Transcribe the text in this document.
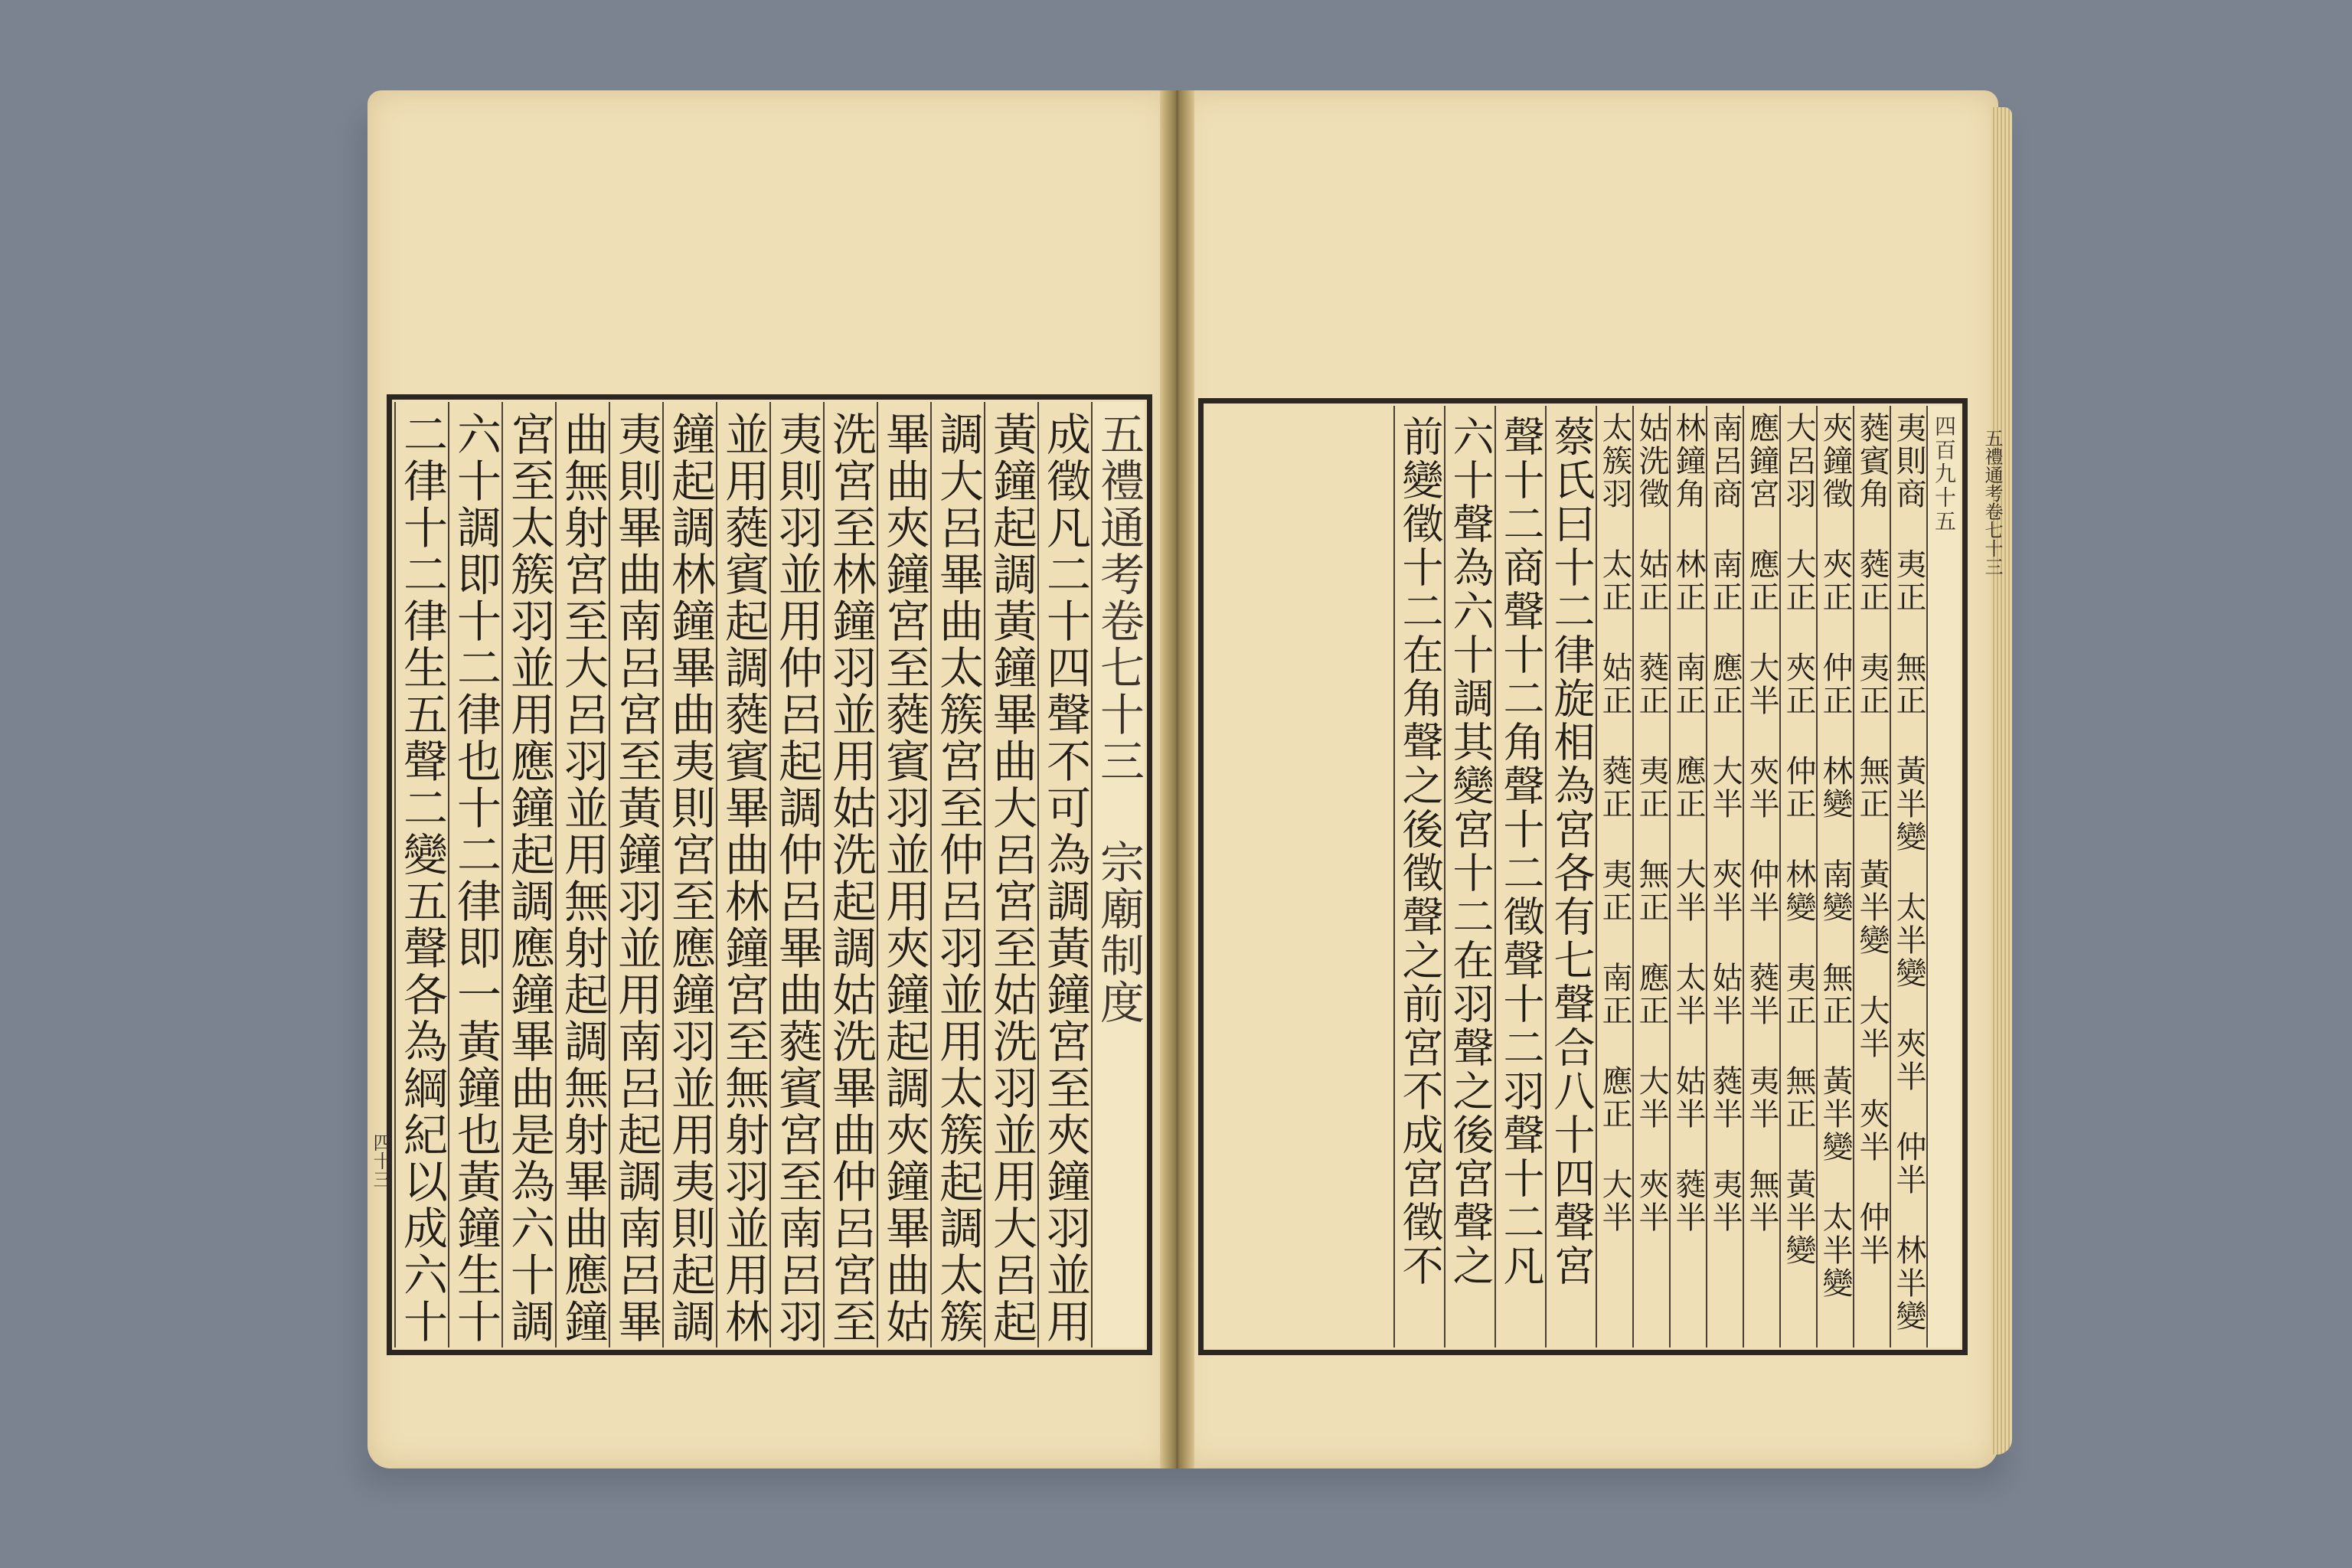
五禮通考卷七十三 宗廟制度
成徵凡二十四聲不可為調黃鐘宮至夾鐘羽並用
黃鐘起調黃鐘畢曲大呂宮至姑洗羽並用大呂起
調大呂畢曲太簇宮至仲呂羽並用太簇起調太簇
畢曲夾鐘宮至蕤賓羽並用夾鐘起調夾鐘畢曲姑
洗宮至林鐘羽並用姑洗起調姑洗畢曲仲呂宮至
夷則羽並用仲呂起調仲呂畢曲蕤賓宮至南呂羽
並用蕤賓起調蕤賓畢曲林鐘宮至無射羽並用林
鐘起調林鐘畢曲夷則宮至應鐘羽並用夷則起調
夷則畢曲南呂宮至黃鐘羽並用南呂起調南呂畢
曲無射宮至大呂羽並用無射起調無射畢曲應鐘
宮至太簇羽並用應鐘起調應鐘畢曲是為六十調
六十調即十二律也十二律即一黃鐘也黃鐘生十
二律十二律生五聲二變五聲各為綱紀以成六十	四百九十五
夷則商 夷正 無正 黃半變 太半變 夾半 仲半 林半變
蕤賓角 蕤正 夷正 無正 黃半變 大半 夾半 仲半
夾鐘徵 夾正 仲正 林變 南變 無正 黃半變 太半變
大呂羽 大正 夾正 仲正 林變 夷正 無正 黃半變
應鐘宮 應正 大半 夾半 仲半 蕤半 夷半 無半
南呂商 南正 應正 大半 夾半 姑半 蕤半 夷半
林鐘角 林正 南正 應正 大半 太半 姑半 蕤半
姑洗徵 姑正 蕤正 夷正 無正 應正 大半 夾半
太簇羽 太正 姑正 蕤正 夷正 南正 應正 大半
蔡氏曰十二律旋相為宮各有七聲合八十四聲宮
聲十二商聲十二角聲十二徵聲十二羽聲十二凡
六十聲為六十調其變宮十二在羽聲之後宮聲之
前變徵十二在角聲之後徵聲之前宮不成宮徵不	五禮通考卷七十三
四十三
